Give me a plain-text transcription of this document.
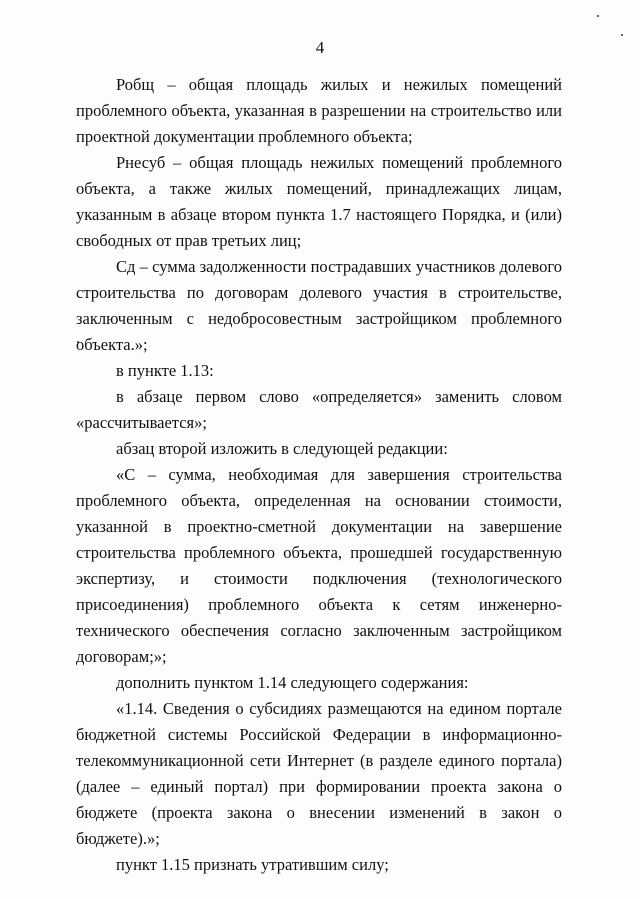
4

Робщ – общая площадь жилых и нежилых помещений проблемного объекта, указанная в разрешении на строительство или проектной документации проблемного объекта;

Рнесуб – общая площадь нежилых помещений проблемного объекта, а также жилых помещений, принадлежащих лицам, указанным в абзаце втором пункта 1.7 настоящего Порядка, и (или) свободных от прав третьих лиц;

Сд – сумма задолженности пострадавших участников долевого строительства по договорам долевого участия в строительстве, заключенным с недобросовестным застройщиком проблемного объекта.»;

в пункте 1.13:

в абзаце первом слово «определяется» заменить словом «рассчитывается»;

абзац второй изложить в следующей редакции:

«С – сумма, необходимая для завершения строительства проблемного объекта, определенная на основании стоимости, указанной в проектно-сметной документации на завершение строительства проблемного объекта, прошедшей государственную экспертизу, и стоимости подключения (технологического присоединения) проблемного объекта к сетям инженерно-технического обеспечения согласно заключенным застройщиком договорам;»;

дополнить пунктом 1.14 следующего содержания:

«1.14. Сведения о субсидиях размещаются на едином портале бюджетной системы Российской Федерации в информационно-телекоммуникационной сети Интернет (в разделе единого портала) (далее – единый портал) при формировании проекта закона о бюджете (проекта закона о внесении изменений в закон о бюджете).»;

пункт 1.15 признать утратившим силу;
